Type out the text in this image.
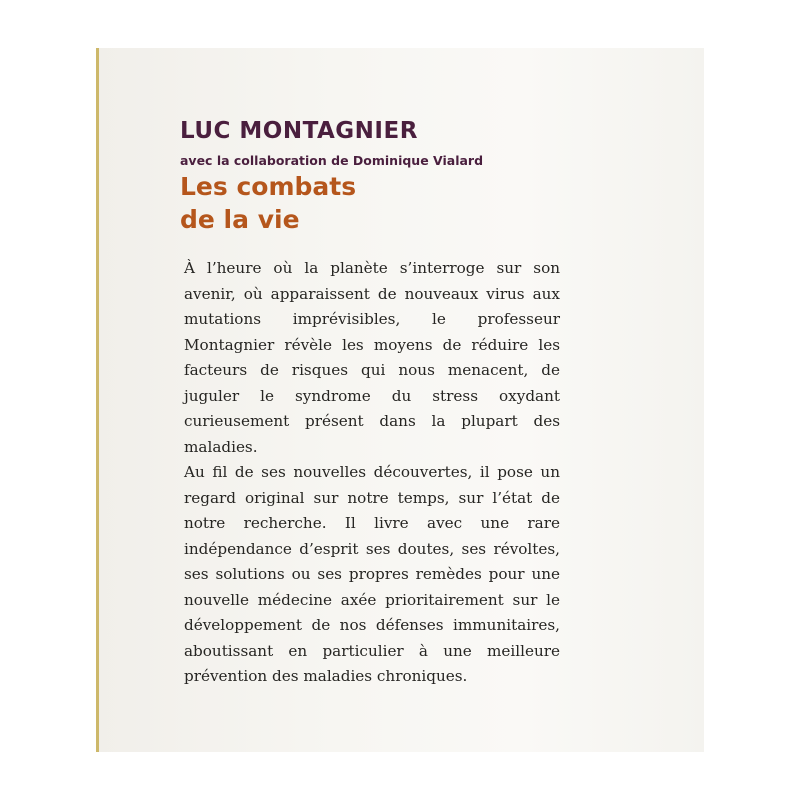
LUC MONTAGNIER
avec la collaboration de Dominique Vialard
Les combats
de la vie

À l’heure où la planète s’interroge sur son avenir, où apparaissent de nouveaux virus aux mutations imprévisibles, le professeur Montagnier révèle les moyens de réduire les facteurs de risques qui nous menacent, de juguler le syndrome du stress oxydant curieusement présent dans la plupart des maladies.

Au fil de ses nouvelles découvertes, il pose un regard original sur notre temps, sur l’état de notre recherche. Il livre avec une rare indépendance d’esprit ses doutes, ses révoltes, ses solutions ou ses propres remèdes pour une nouvelle médecine axée prioritairement sur le développement de nos défenses immunitaires, aboutissant en particulier à une meilleure prévention des maladies chroniques.
